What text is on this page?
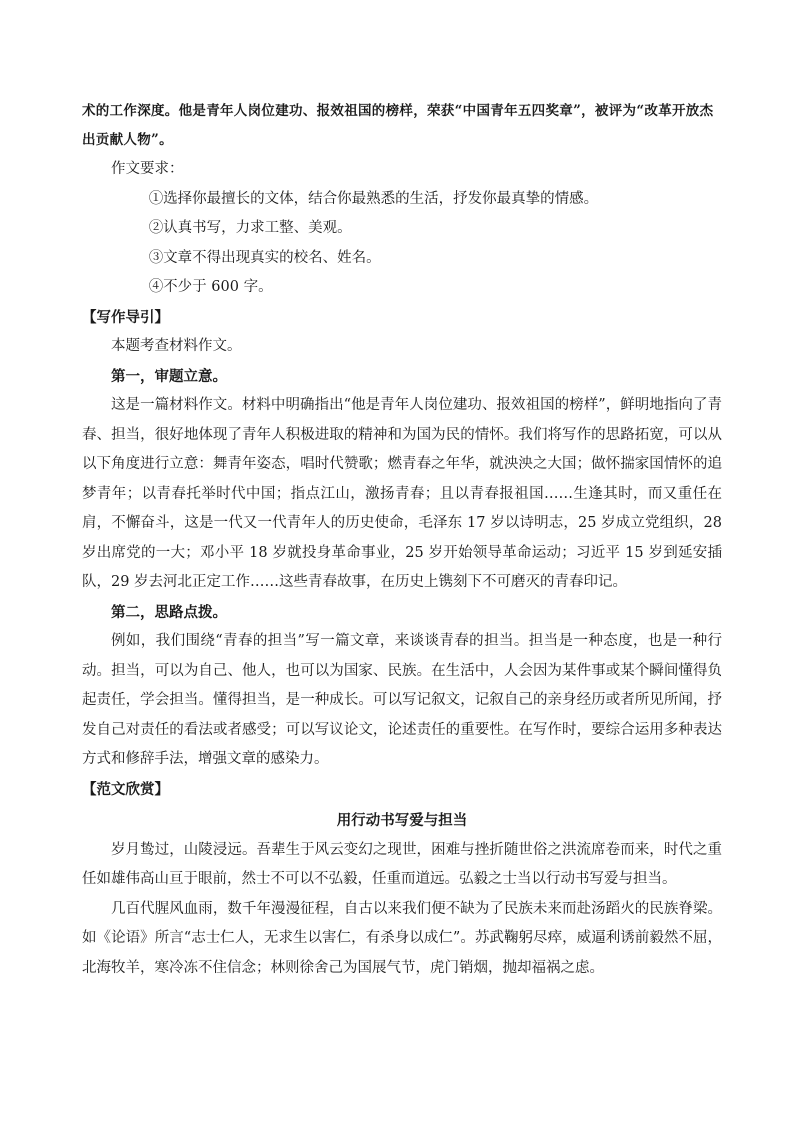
术的工作深度。他是青年人岗位建功、报效祖国的榜样，荣获“中国青年五四奖章”，被评为“改革开放杰

出贡献人物”。

作文要求：

①选择你最擅长的文体，结合你最熟悉的生活，抒发你最真挚的情感。

②认真书写，力求工整、美观。

③文章不得出现真实的校名、姓名。

④不少于 600 字。

【写作导引】

本题考查材料作文。

第一，审题立意。

这是一篇材料作文。材料中明确指出“他是青年人岗位建功、报效祖国的榜样”，鲜明地指向了青春、担当，很好地体现了青年人积极进取的精神和为国为民的情怀。我们将写作的思路拓宽，可以从以下角度进行立意：舞青年姿态，唱时代赞歌；燃青春之年华，就泱泱之大国；做怀揣家国情怀的追梦青年；以青春托举时代中国；指点江山，激扬青春；且以青春报祖国……生逢其时，而又重任在肩，不懈奋斗，这是一代又一代青年人的历史使命，毛泽东 17 岁以诗明志，25 岁成立党组织，28 岁出席党的一大；邓小平 18 岁就投身革命事业，25 岁开始领导革命运动；习近平 15 岁到延安插队，29 岁去河北正定工作……这些青春故事，在历史上镌刻下不可磨灭的青春印记。

第二，思路点拨。

例如，我们围绕“青春的担当”写一篇文章，来谈谈青春的担当。担当是一种态度，也是一种行动。担当，可以为自己、他人，也可以为国家、民族。在生活中，人会因为某件事或某个瞬间懂得负起责任，学会担当。懂得担当，是一种成长。可以写记叙文，记叙自己的亲身经历或者所见所闻，抒发自己对责任的看法或者感受；可以写议论文，论述责任的重要性。在写作时，要综合运用多种表达方式和修辞手法，增强文章的感染力。

【范文欣赏】

用行动书写爱与担当

岁月鸷过，山陵浸远。吾辈生于风云变幻之现世，困难与挫折随世俗之洪流席卷而来，时代之重任如雄伟高山亘于眼前，然士不可以不弘毅，任重而道远。弘毅之士当以行动书写爱与担当。

几百代腥风血雨，数千年漫漫征程，自古以来我们便不缺为了民族未来而赴汤蹈火的民族脊梁。如《论语》所言“志士仁人，无求生以害仁，有杀身以成仁”。苏武鞠躬尽瘁，威逼利诱前毅然不屈，北海牧羊，寒冷冻不住信念；林则徐舍己为国展气节，虎门销烟，抛却福祸之虑。
